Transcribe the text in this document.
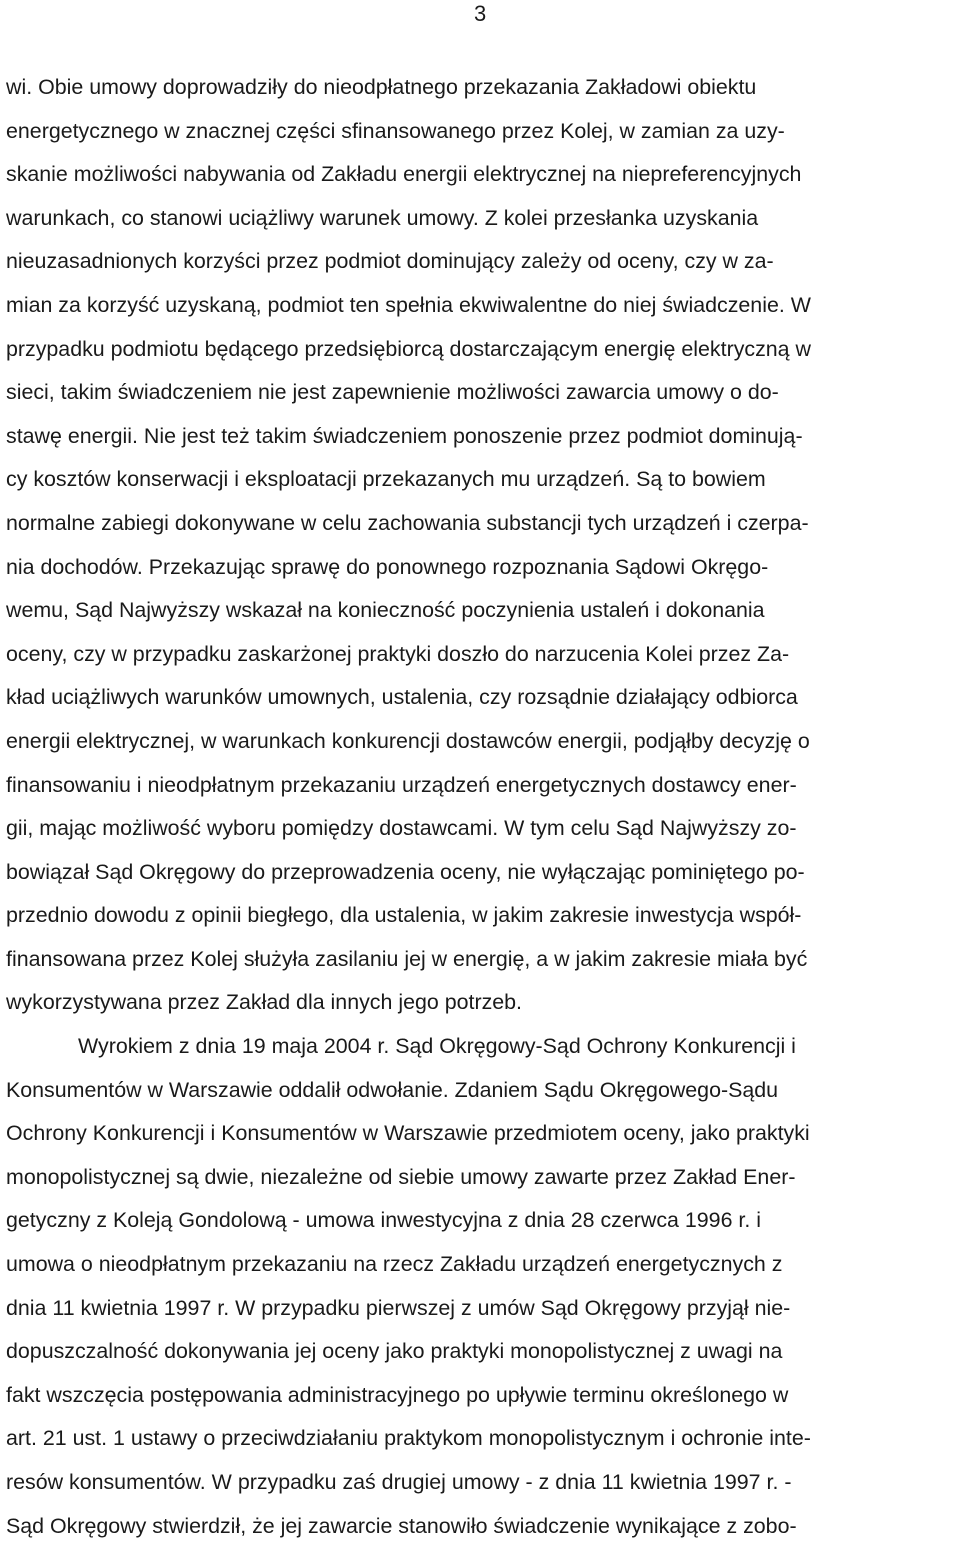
3
wi. Obie umowy doprowadziły do nieodpłatnego przekazania Zakładowi obiektu
energetycznego w znacznej części sfinansowanego przez Kolej, w zamian za uzy-
skanie możliwości nabywania od Zakładu energii elektrycznej na niepreferencyjnych
warunkach, co stanowi uciążliwy warunek umowy. Z kolei przesłanka uzyskania
nieuzasadnionych korzyści przez podmiot dominujący zależy od oceny, czy w za-
mian za korzyść uzyskaną, podmiot ten spełnia ekwiwalentne do niej świadczenie. W
przypadku podmiotu będącego przedsiębiorcą dostarczającym energię elektryczną w
sieci, takim świadczeniem nie jest zapewnienie możliwości zawarcia umowy o do-
stawę energii. Nie jest też takim świadczeniem ponoszenie przez podmiot dominują-
cy kosztów konserwacji i eksploatacji przekazanych mu urządzeń. Są to bowiem
normalne zabiegi dokonywane w celu zachowania substancji tych urządzeń i czerpa-
nia dochodów. Przekazując sprawę do ponownego rozpoznania Sądowi Okręgo-
wemu, Sąd Najwyższy wskazał na konieczność poczynienia ustaleń i dokonania
oceny, czy w przypadku zaskarżonej praktyki doszło do narzucenia Kolei przez Za-
kład uciążliwych warunków umownych, ustalenia, czy rozsądnie działający odbiorca
energii elektrycznej, w warunkach konkurencji dostawców energii, podjąłby decyzję o
finansowaniu i nieodpłatnym przekazaniu urządzeń energetycznych dostawcy ener-
gii, mając możliwość wyboru pomiędzy dostawcami. W tym celu Sąd Najwyższy zo-
bowiązał Sąd Okręgowy do przeprowadzenia oceny, nie wyłączając pominiętego po-
przednio dowodu z opinii biegłego, dla ustalenia, w jakim zakresie inwestycja współ-
finansowana przez Kolej służyła zasilaniu jej w energię, a w jakim zakresie miała być
wykorzystywana przez Zakład dla innych jego potrzeb.
Wyrokiem z dnia 19 maja 2004 r. Sąd Okręgowy-Sąd Ochrony Konkurencji i
Konsumentów w Warszawie oddalił odwołanie. Zdaniem Sądu Okręgowego-Sądu
Ochrony Konkurencji i Konsumentów w Warszawie przedmiotem oceny, jako praktyki
monopolistycznej są dwie, niezależne od siebie umowy zawarte przez Zakład Ener-
getyczny z Koleją Gondolową - umowa inwestycyjna z dnia 28 czerwca 1996 r. i
umowa o nieodpłatnym przekazaniu na rzecz Zakładu urządzeń energetycznych z
dnia 11 kwietnia 1997 r. W przypadku pierwszej z umów Sąd Okręgowy przyjął nie-
dopuszczalność dokonywania jej oceny jako praktyki monopolistycznej z uwagi na
fakt wszczęcia postępowania administracyjnego po upływie terminu określonego w
art. 21 ust. 1 ustawy o przeciwdziałaniu praktykom monopolistycznym i ochronie inte-
resów konsumentów. W przypadku zaś drugiej umowy - z dnia 11 kwietnia 1997 r. -
Sąd Okręgowy stwierdził, że jej zawarcie stanowiło świadczenie wynikające z zobo-
